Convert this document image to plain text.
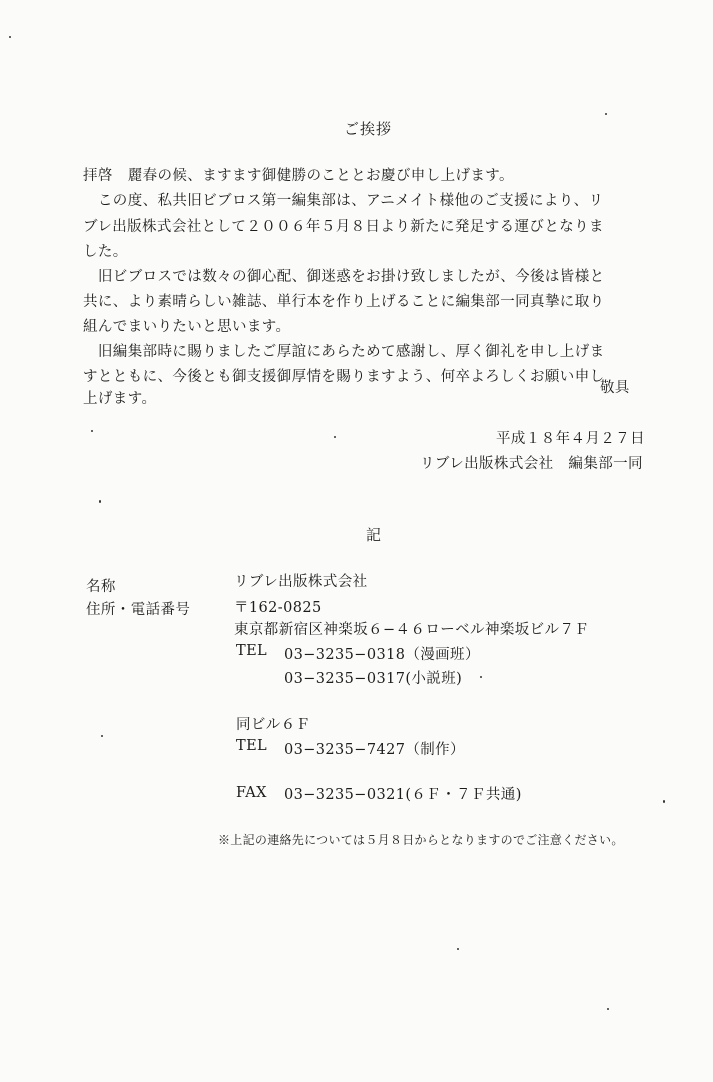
ご挨拶
拝啓　麗春の候、ますます御健勝のこととお慶び申し上げます。
　この度、私共旧ビブロス第一編集部は、アニメイト様他のご支援により、リ
ブレ出版株式会社として２００６年５月８日より新たに発足する運びとなりま
した。
　旧ビブロスでは数々の御心配、御迷惑をお掛け致しましたが、今後は皆様と
共に、より素晴らしい雑誌、単行本を作り上げることに編集部一同真摯に取り
組んでまいりたいと思います。
　旧編集部時に賜りましたご厚誼にあらためて感謝し、厚く御礼を申し上げま
すとともに、今後とも御支援御厚情を賜りますよう、何卒よろしくお願い申し
上げます。
敬具
平成１８年４月２７日
リブレ出版株式会社　編集部一同
記
名称	リブレ出版株式会社
住所・電話番号	〒162-0825
東京都新宿区神楽坂６−４６ローベル神楽坂ビル７Ｆ
TEL 03−3235−0318（漫画班）
03−3235−0317(小説班)
同ビル６Ｆ
TEL 03−3235−7427（制作）
FAX 03−3235−0321(６Ｆ・７Ｆ共通)
※上記の連絡先については５月８日からとなりますのでご注意ください。
